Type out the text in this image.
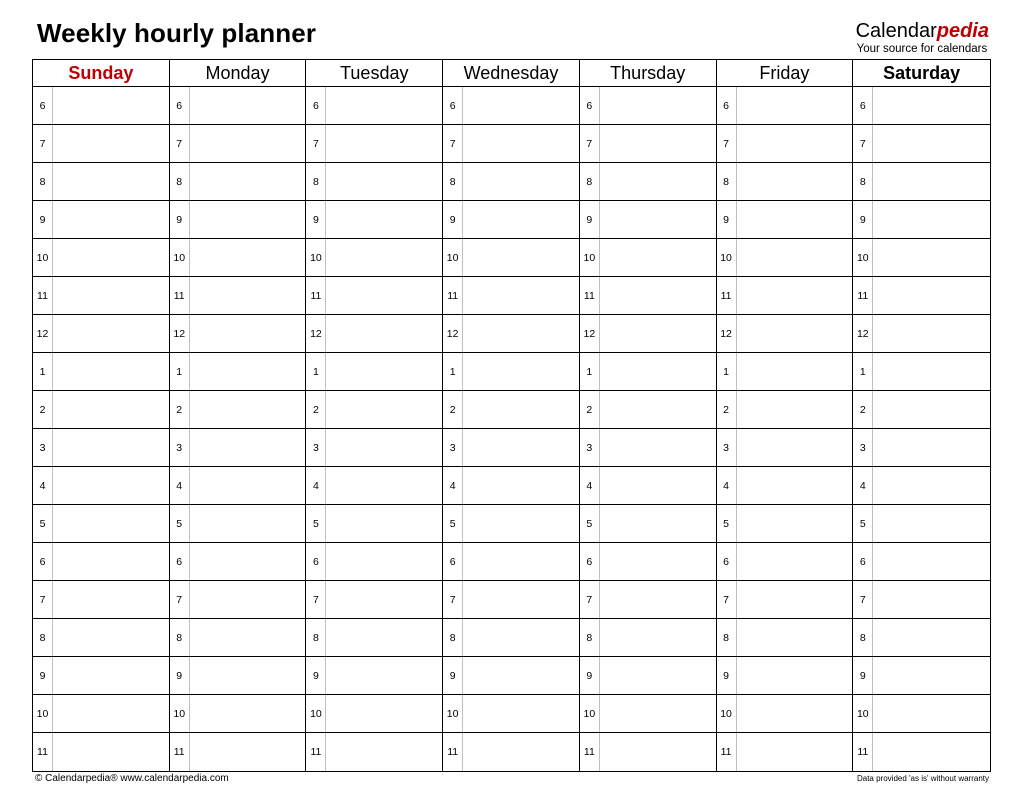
Weekly hourly planner	Calendarpedia
Your source for calendars
Sunday	Monday	Tuesday	Wednesday	Thursday	Friday	Saturday
6	6	6	6	6	6	6
7	7	7	7	7	7	7
8	8	8	8	8	8	8
9	9	9	9	9	9	9
10	10	10	10	10	10	10
11	11	11	11	11	11	11
12	12	12	12	12	12	12
1	1	1	1	1	1	1
2	2	2	2	2	2	2
3	3	3	3	3	3	3
4	4	4	4	4	4	4
5	5	5	5	5	5	5
6	6	6	6	6	6	6
7	7	7	7	7	7	7
8	8	8	8	8	8	8
9	9	9	9	9	9	9
10	10	10	10	10	10	10
11	11	11	11	11	11	11
© Calendarpedia® www.calendarpedia.com	Data provided 'as is' without warranty
